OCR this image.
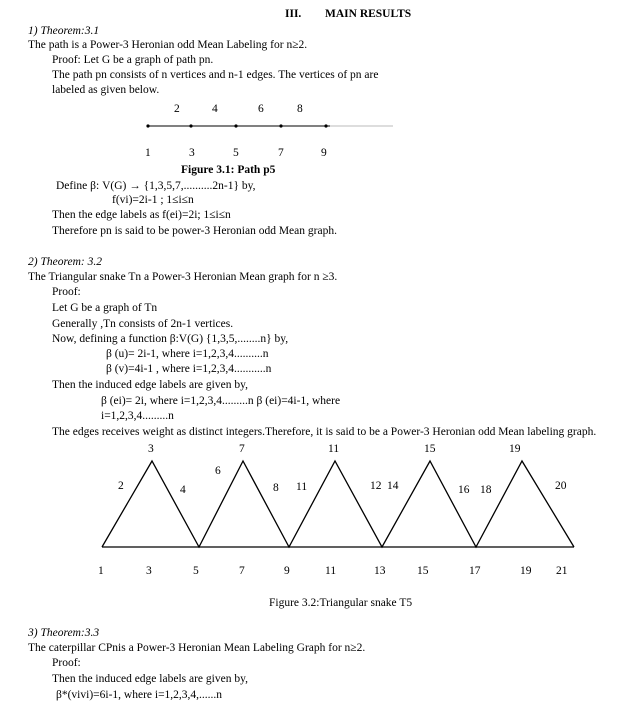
III. MAIN RESULTS
1) Theorem:3.1
The path is a Power-3 Heronian odd Mean Labeling for n≥2.
Proof: Let G be a graph of path pn.
The path pn consists of n vertices and n-1 edges. The vertices of pn are
labeled as given below.
2	4	6	8
1	3	5	7	9
Figure 3.1: Path p5
Define β: V(G) → {1,3,5,7,..........2n-1} by,
f(vi)=2i-1 ; 1≤i≤n
Then the edge labels as f(ei)=2i; 1≤i≤n
Therefore pn is said to be power-3 Heronian odd Mean graph.
2) Theorem: 3.2
The Triangular snake Tn a Power-3 Heronian Mean graph for n ≥3.
Proof:
Let G be a graph of Tn
Generally ,Tn consists of 2n-1 vertices.
Now, defining a function β:V(G) {1,3,5,........n} by,
β (u)= 2i-1, where i=1,2,3,4..........n
β (v)=4i-1 , where i=1,2,3,4...........n
Then the induced edge labels are given by,
β (ei)= 2i, where i=1,2,3,4.........n β (ei)=4i-1, where
i=1,2,3,4.........n
The edges receives weight as distinct integers.Therefore, it is said to be a Power-3 Heronian odd Mean labeling graph.
3	7	11	15	19
2	4
6
8 11	12 14	16 18	20
1	3	5	7	9	11	13	15	17	19 21
Figure 3.2:Triangular snake T5
3) Theorem:3.3
The caterpillar CPnis a Power-3 Heronian Mean Labeling Graph for n≥2.
Proof:
Then the induced edge labels are given by,
β*(vivi)=6i-1, where i=1,2,3,4,......n
